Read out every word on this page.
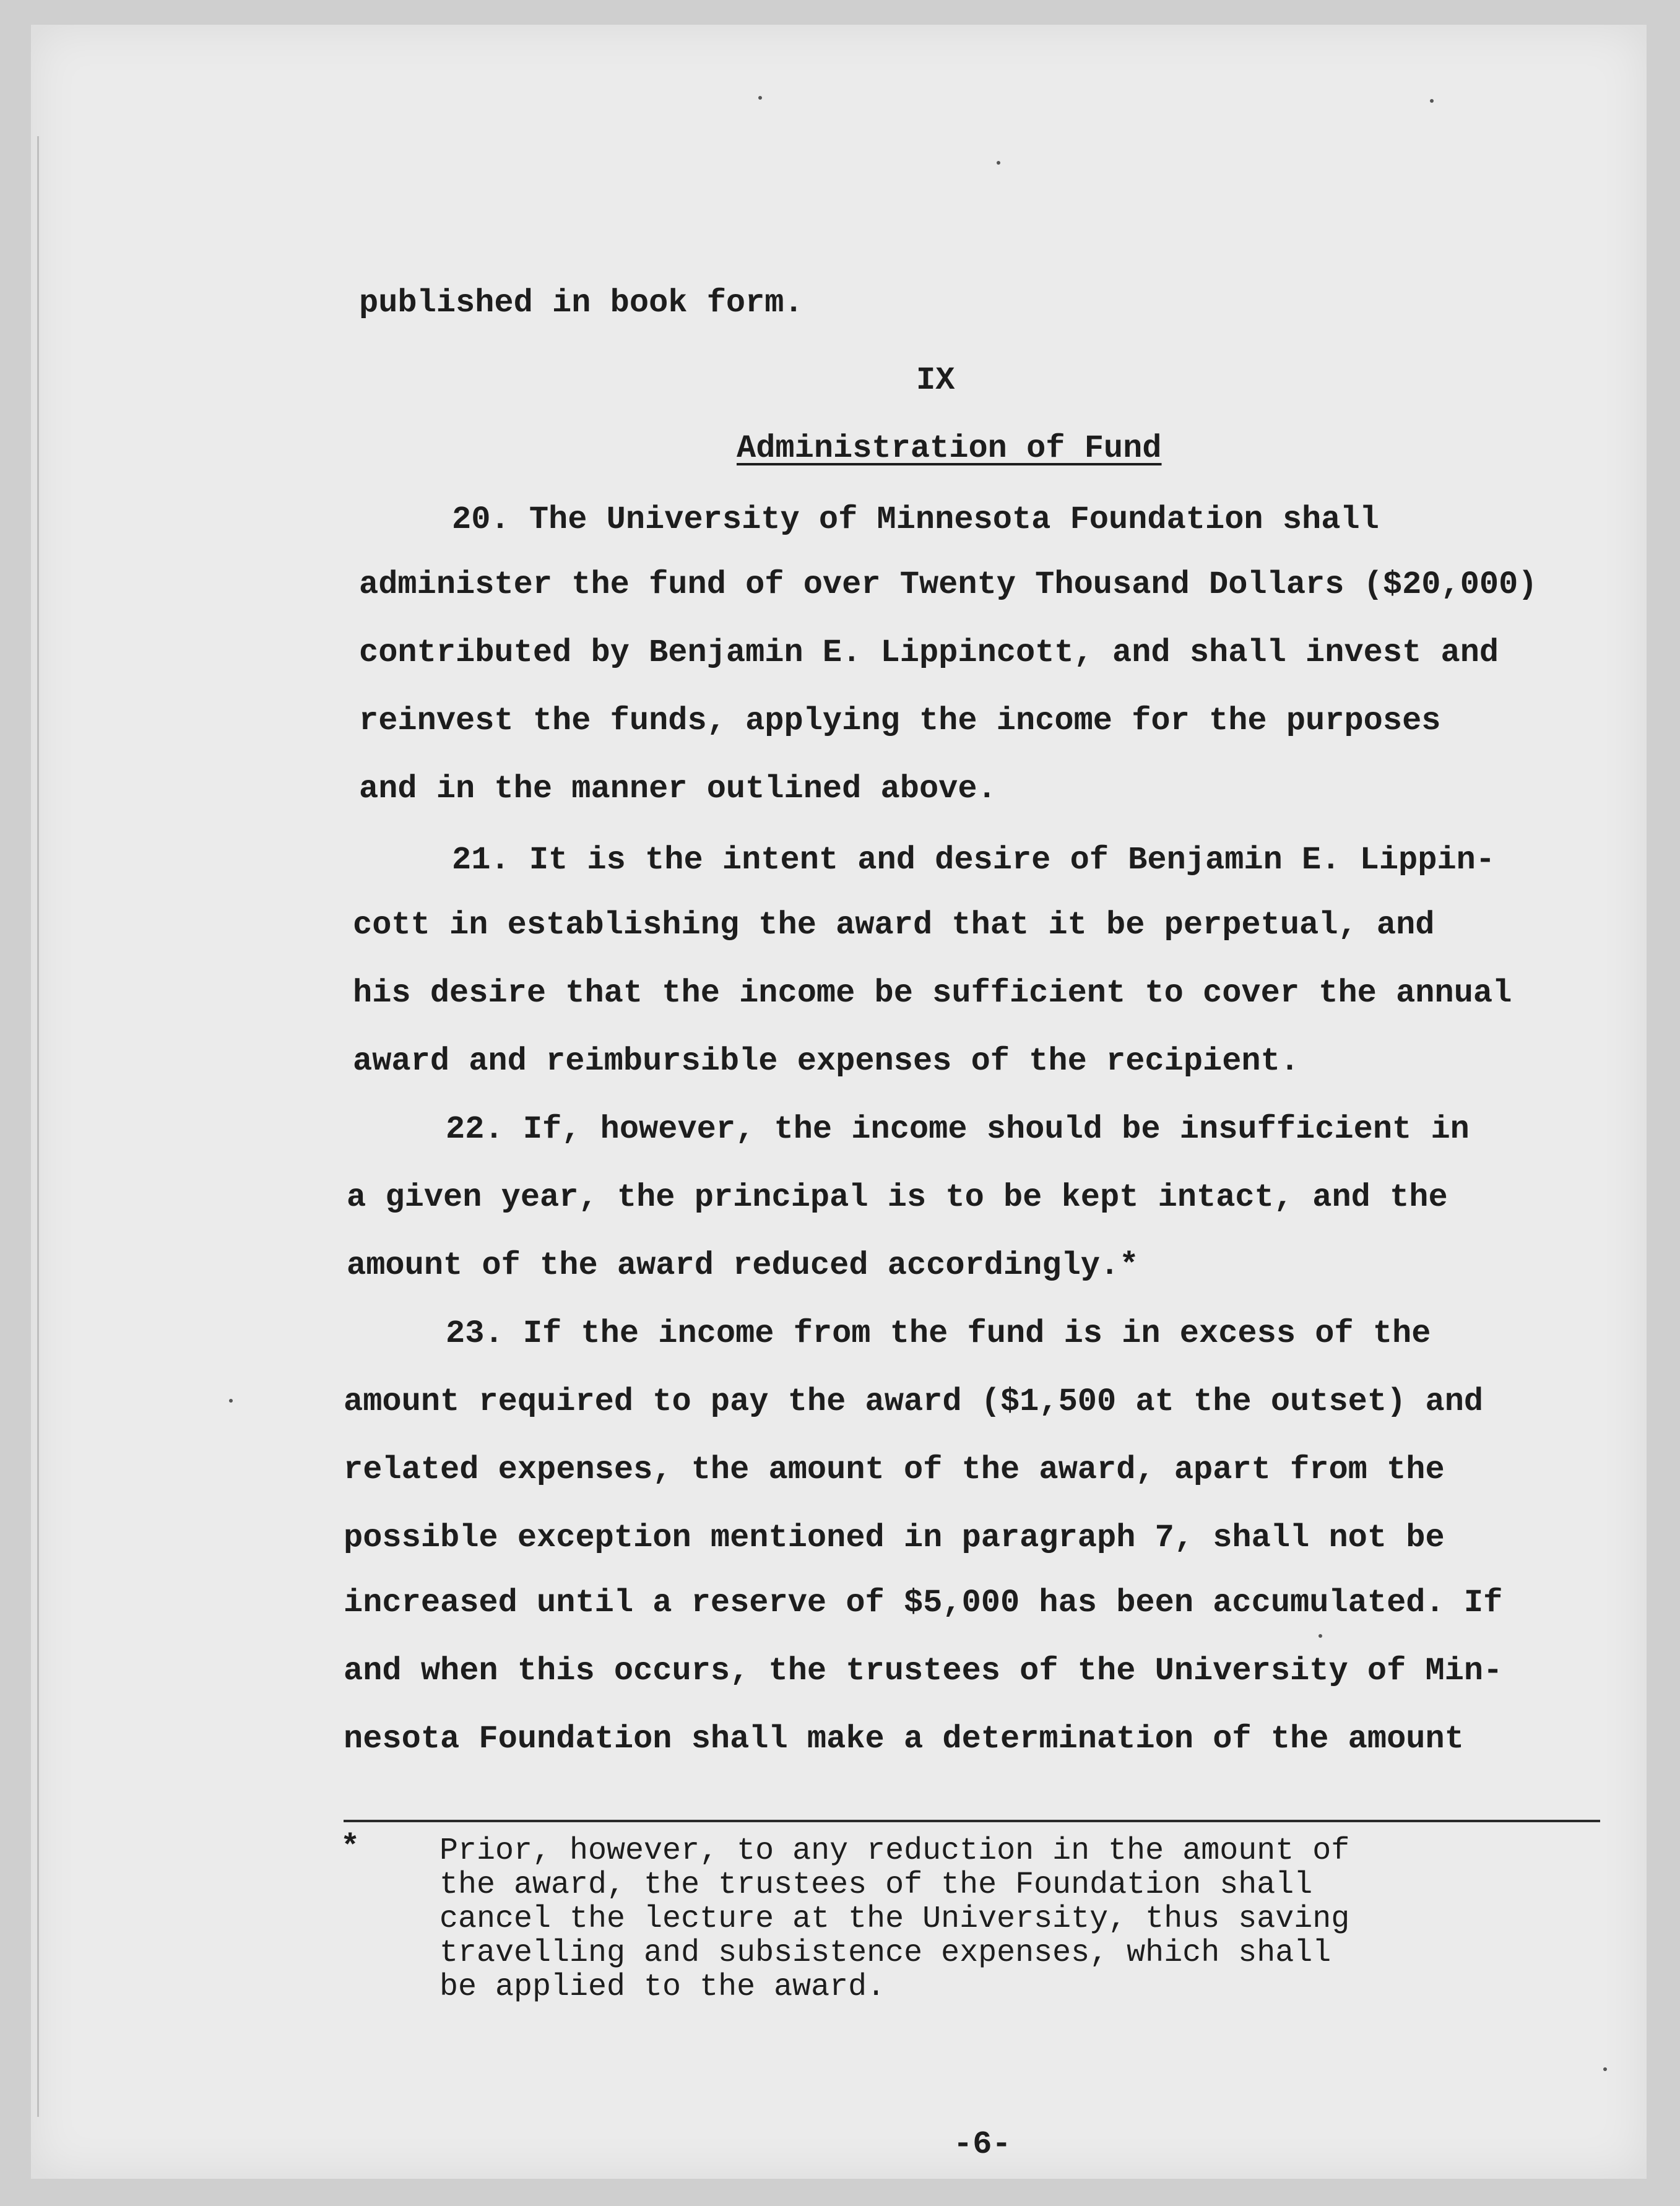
published in book form.
IX
Administration of Fund
20. The University of Minnesota Foundation shall
administer the fund of over Twenty Thousand Dollars ($20,000)
contributed by Benjamin E. Lippincott, and shall invest and
reinvest the funds, applying the income for the purposes
and in the manner outlined above.
21. It is the intent and desire of Benjamin E. Lippin-
cott in establishing the award that it be perpetual, and
his desire that the income be sufficient to cover the annual
award and reimbursible expenses of the recipient.
22. If, however, the income should be insufficient in
a given year, the principal is to be kept intact, and the
amount of the award reduced accordingly.*
23. If the income from the fund is in excess of the
amount required to pay the award ($1,500 at the outset) and
related expenses, the amount of the award, apart from the
possible exception mentioned in paragraph 7, shall not be
increased until a reserve of $5,000 has been accumulated. If
and when this occurs, the trustees of the University of Min-
nesota Foundation shall make a determination of the amount
*	Prior, however, to any reduction in the amount of
the award, the trustees of the Foundation shall
cancel the lecture at the University, thus saving
travelling and subsistence expenses, which shall
be applied to the award.
-6-
